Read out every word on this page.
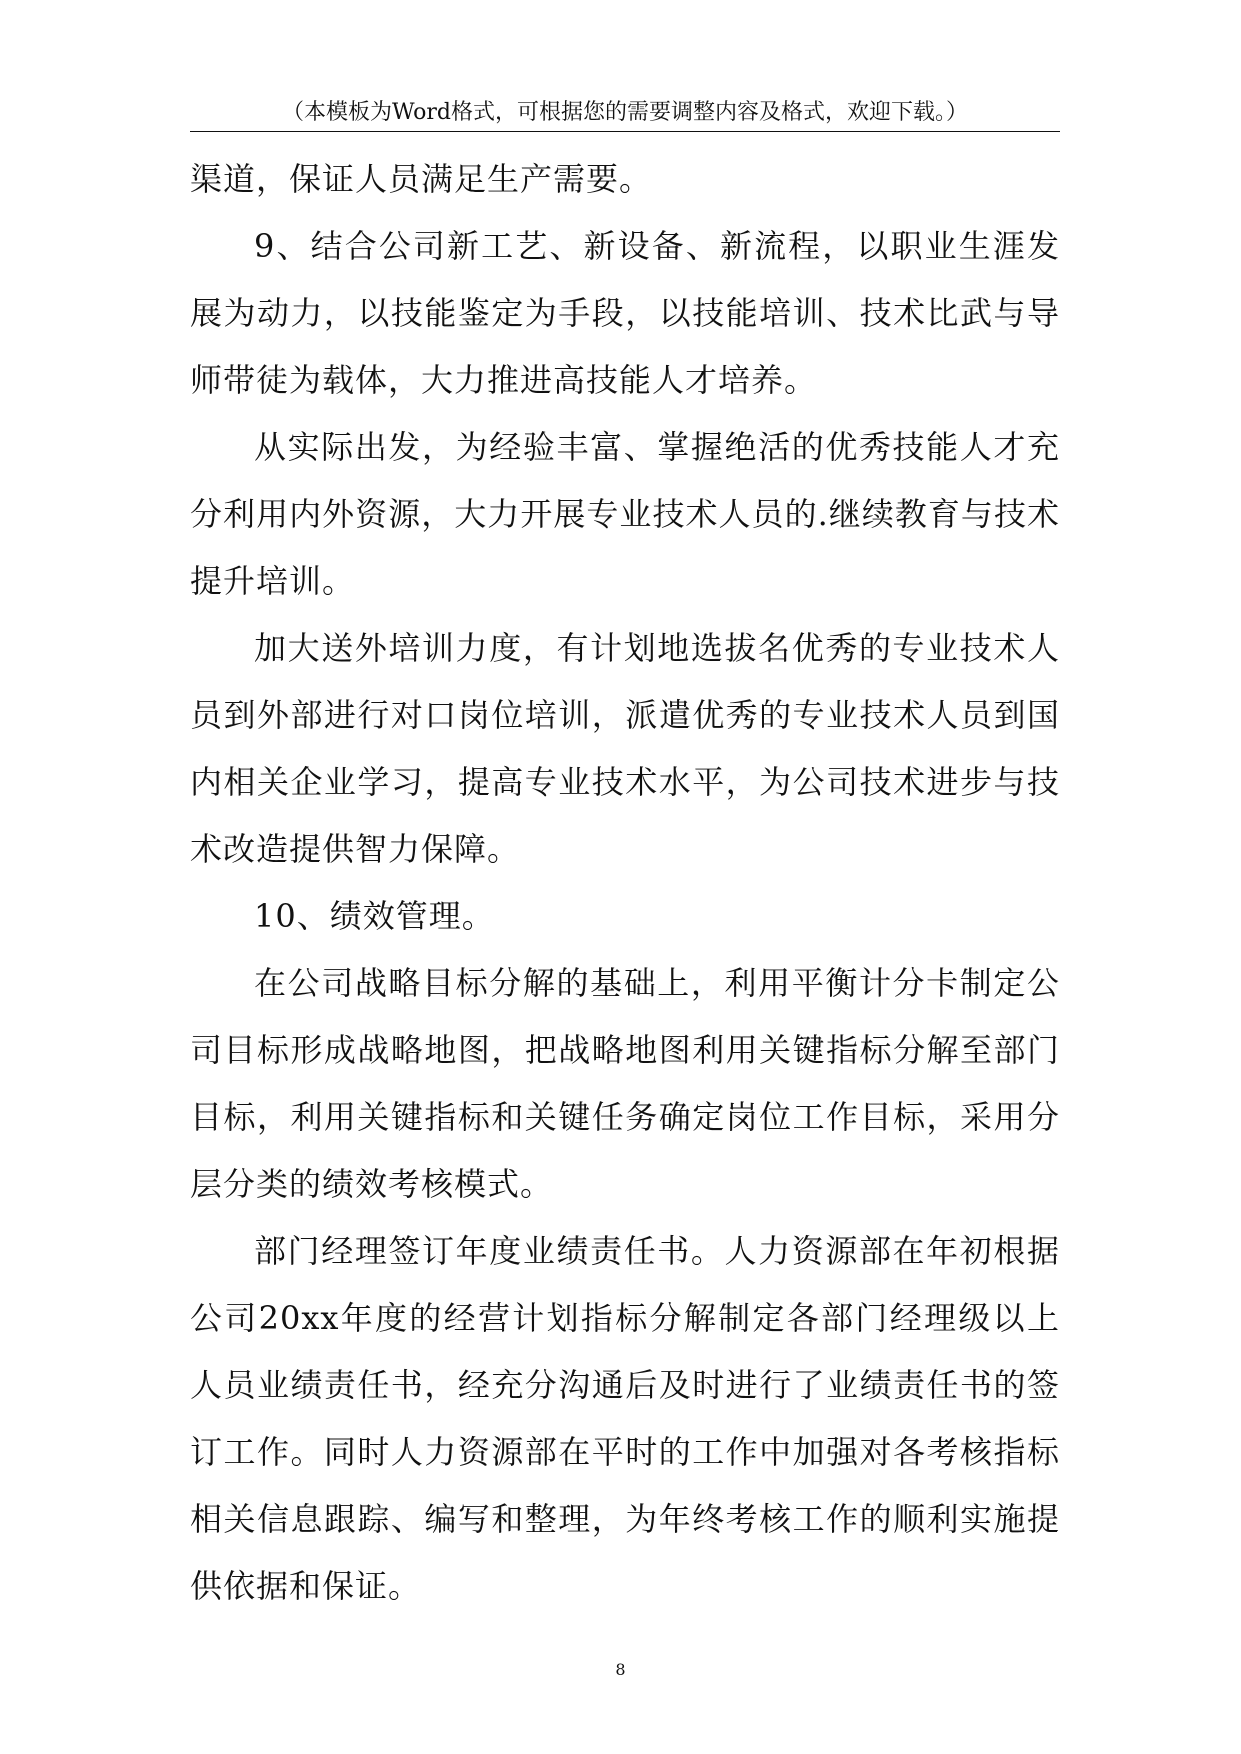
（本模板为Word格式，可根据您的需要调整内容及格式，欢迎下载。）

渠道，保证人员满足生产需要。

9、结合公司新工艺、新设备、新流程，以职业生涯发展为动力，以技能鉴定为手段，以技能培训、技术比武与导师带徒为载体，大力推进高技能人才培养。

从实际出发，为经验丰富、掌握绝活的优秀技能人才充分利用内外资源，大力开展专业技术人员的.继续教育与技术提升培训。

加大送外培训力度，有计划地选拔名优秀的专业技术人员到外部进行对口岗位培训，派遣优秀的专业技术人员到国内相关企业学习，提高专业技术水平，为公司技术进步与技术改造提供智力保障。

10、绩效管理。

在公司战略目标分解的基础上，利用平衡计分卡制定公司目标形成战略地图，把战略地图利用关键指标分解至部门目标，利用关键指标和关键任务确定岗位工作目标，采用分层分类的绩效考核模式。

部门经理签订年度业绩责任书。人力资源部在年初根据公司20xx年度的经营计划指标分解制定各部门经理级以上人员业绩责任书，经充分沟通后及时进行了业绩责任书的签订工作。同时人力资源部在平时的工作中加强对各考核指标相关信息跟踪、编写和整理，为年终考核工作的顺利实施提供依据和保证。

8
